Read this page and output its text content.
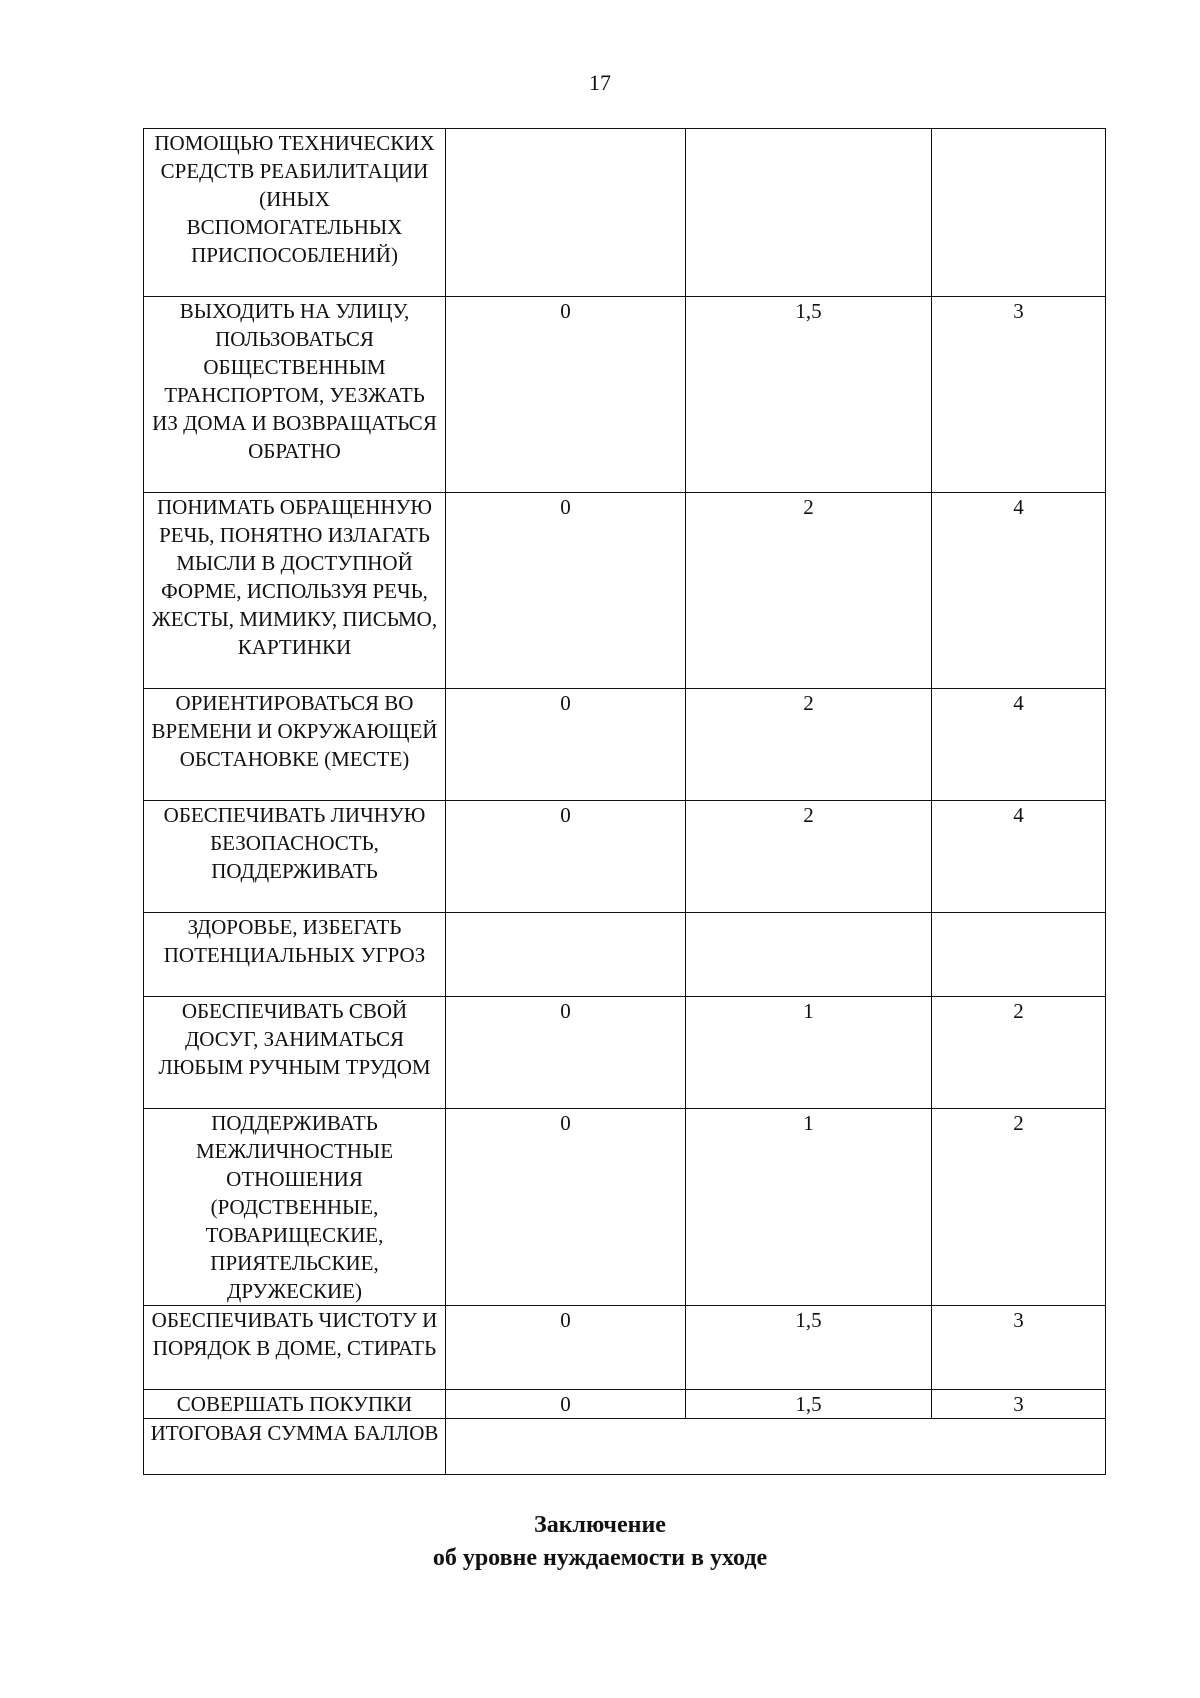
17
ПОМОЩЬЮ ТЕХНИЧЕСКИХ СРЕДСТВ РЕАБИЛИТАЦИИ (ИНЫХ ВСПОМОГАТЕЛЬНЫХ ПРИСПОСОБЛЕНИЙ)			
ВЫХОДИТЬ НА УЛИЦУ, ПОЛЬЗОВАТЬСЯ ОБЩЕСТВЕННЫМ ТРАНСПОРТОМ, УЕЗЖАТЬ ИЗ ДОМА И ВОЗВРАЩАТЬСЯ ОБРАТНО	0	1,5	3
ПОНИМАТЬ ОБРАЩЕННУЮ РЕЧЬ, ПОНЯТНО ИЗЛАГАТЬ МЫСЛИ В ДОСТУПНОЙ ФОРМЕ, ИСПОЛЬЗУЯ РЕЧЬ, ЖЕСТЫ, МИМИКУ, ПИСЬМО, КАРТИНКИ	0	2	4
ОРИЕНТИРОВАТЬСЯ ВО ВРЕМЕНИ И ОКРУЖАЮЩЕЙ ОБСТАНОВКЕ (МЕСТЕ)	0	2	4
ОБЕСПЕЧИВАТЬ ЛИЧНУЮ БЕЗОПАСНОСТЬ, ПОДДЕРЖИВАТЬ	0	2	4
ЗДОРОВЬЕ, ИЗБЕГАТЬ ПОТЕНЦИАЛЬНЫХ УГРОЗ			
ОБЕСПЕЧИВАТЬ СВОЙ ДОСУГ, ЗАНИМАТЬСЯ ЛЮБЫМ РУЧНЫМ ТРУДОМ	0	1	2
ПОДДЕРЖИВАТЬ МЕЖЛИЧНОСТНЫЕ ОТНОШЕНИЯ (РОДСТВЕННЫЕ, ТОВАРИЩЕСКИЕ, ПРИЯТЕЛЬСКИЕ, ДРУЖЕСКИЕ)	0	1	2
ОБЕСПЕЧИВАТЬ ЧИСТОТУ И ПОРЯДОК В ДОМЕ, СТИРАТЬ	0	1,5	3
СОВЕРШАТЬ ПОКУПКИ	0	1,5	3
ИТОГОВАЯ СУММА БАЛЛОВ			
Заключение
об уровне нуждаемости в уходе
